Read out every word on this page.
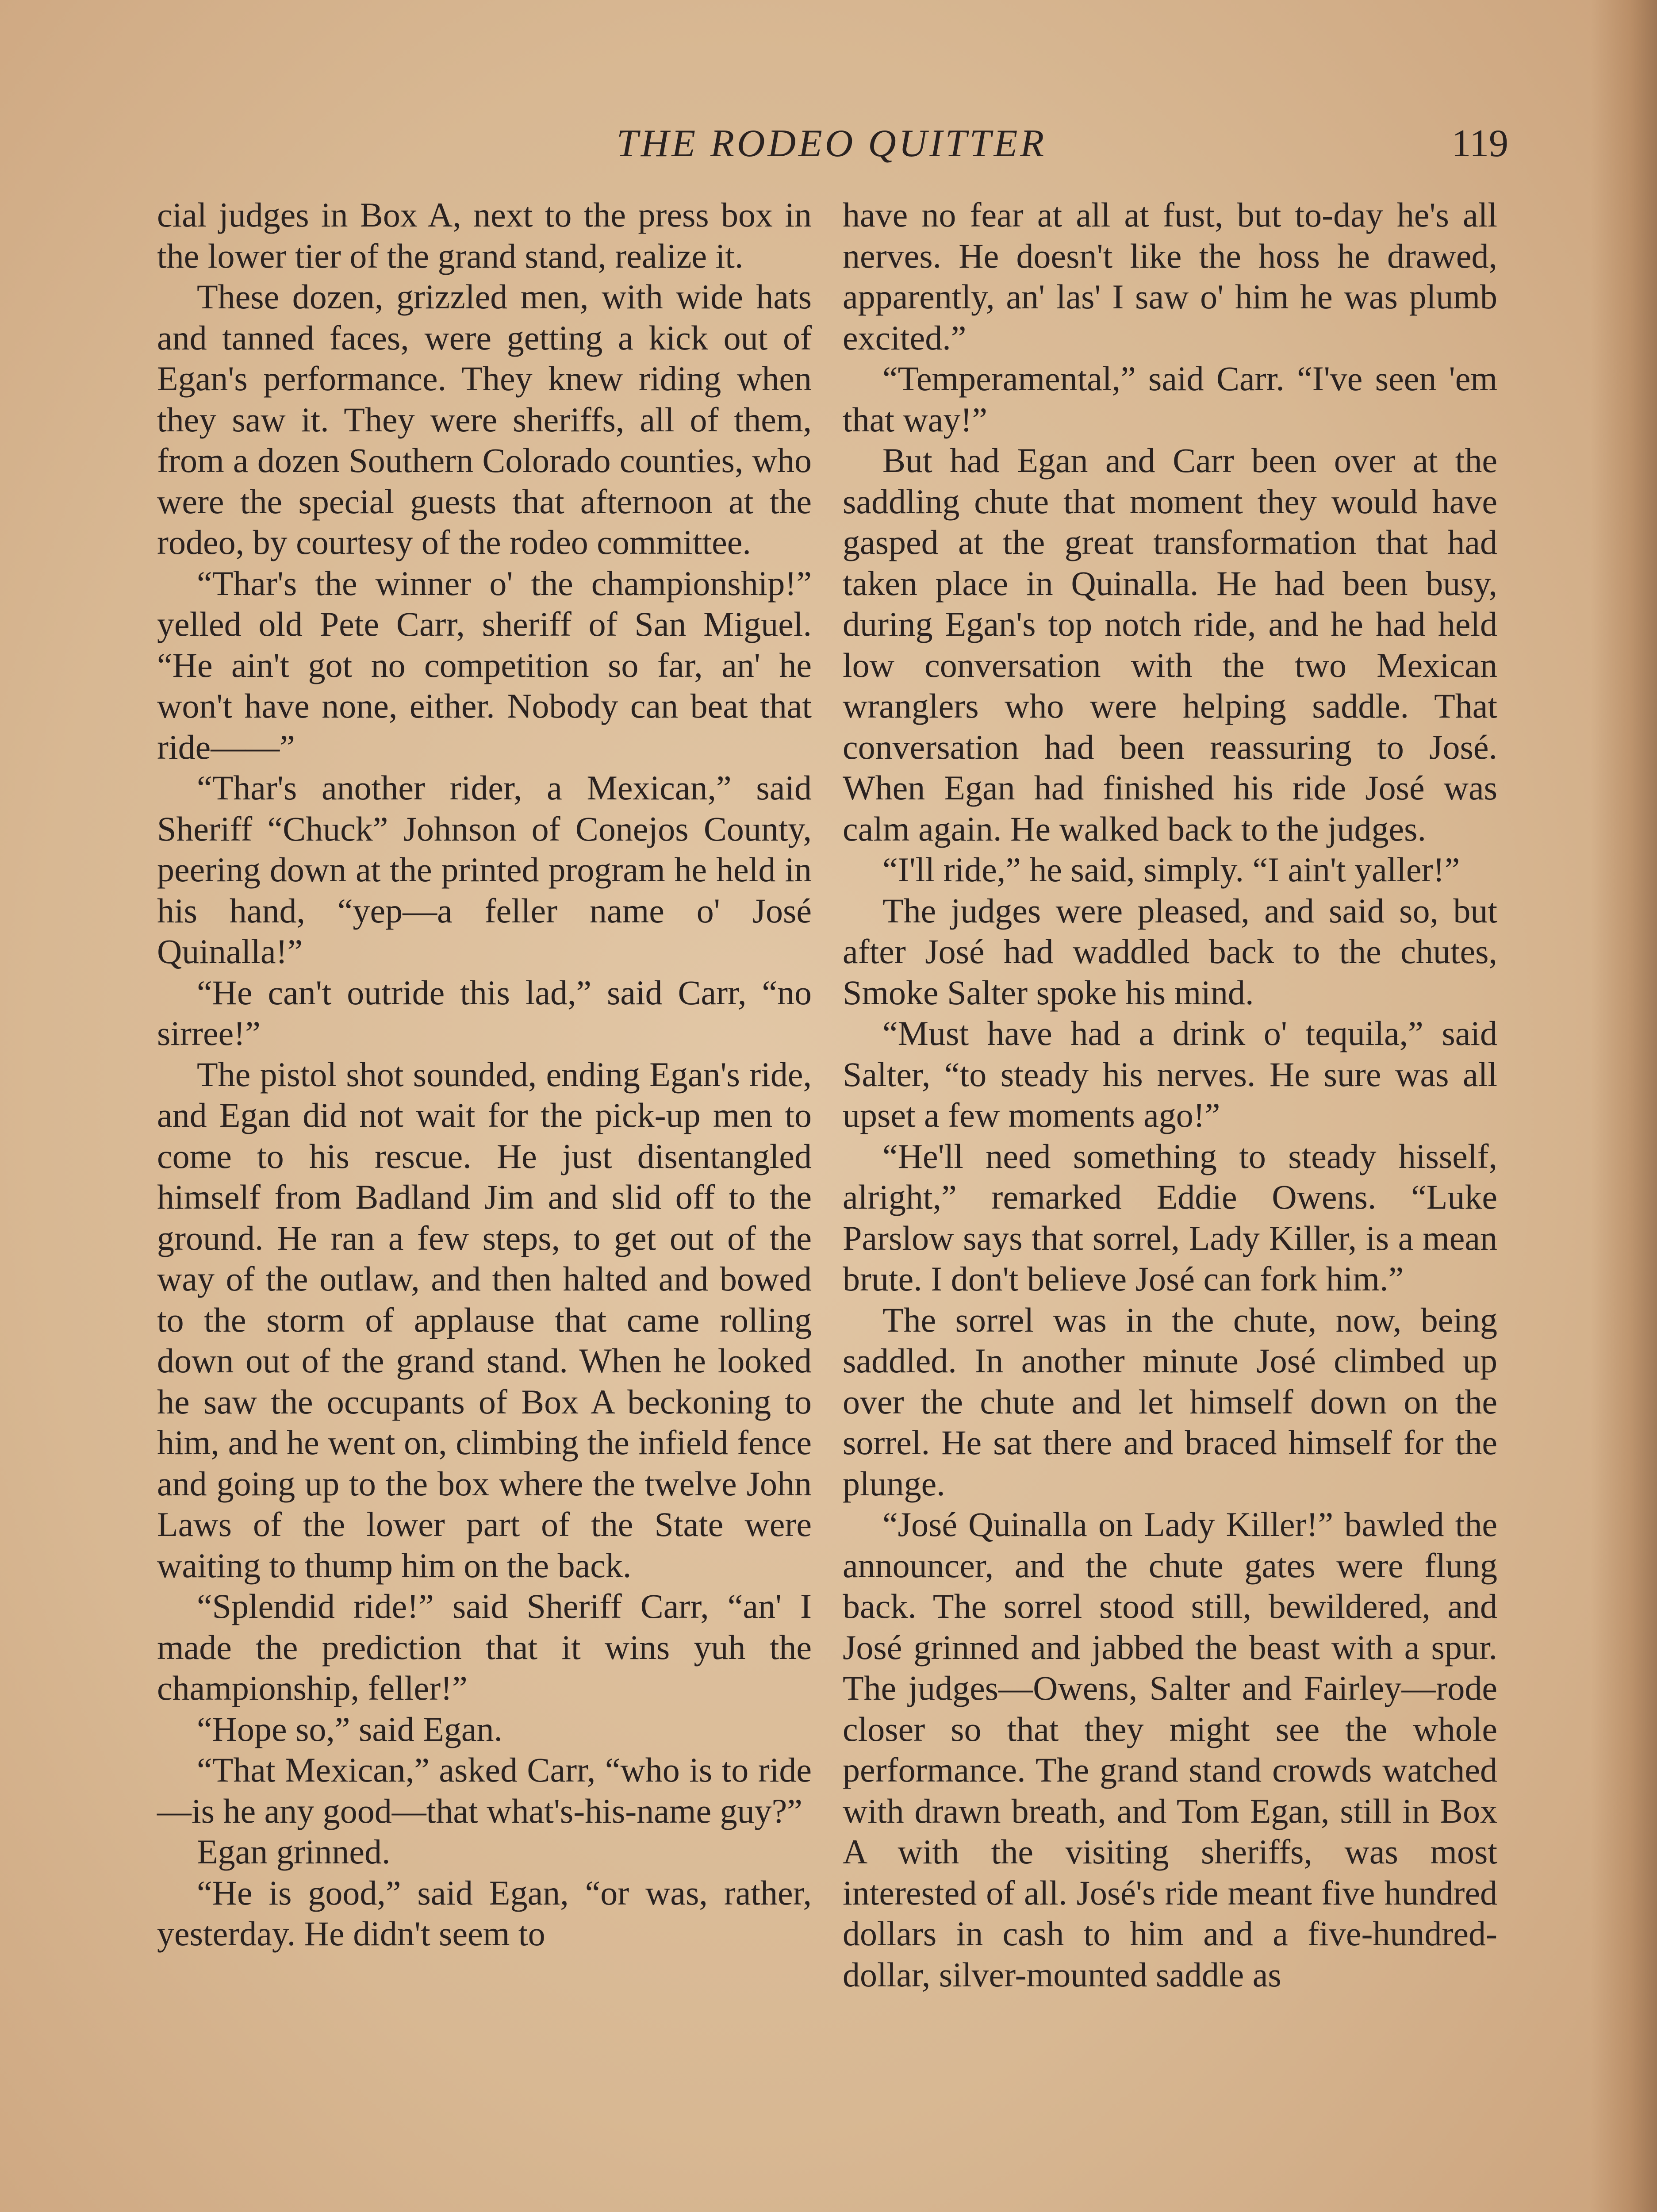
THE RODEO QUITTER	119

cial judges in Box A, next to the press box in the lower tier of the grand stand, realize it.

These dozen, grizzled men, with wide hats and tanned faces, were getting a kick out of Egan's performance. They knew riding when they saw it. They were sheriffs, all of them, from a dozen Southern Colorado counties, who were the special guests that afternoon at the rodeo, by courtesy of the rodeo committee.

“Thar's the winner o' the championship!” yelled old Pete Carr, sheriff of San Miguel. “He ain't got no competition so far, an' he won't have none, either. Nobody can beat that ride——”

“Thar's another rider, a Mexican,” said Sheriff “Chuck” Johnson of Conejos County, peering down at the printed program he held in his hand, “yep—a feller name o' José Quinalla!”

“He can't outride this lad,” said Carr, “no sirree!”

The pistol shot sounded, ending Egan's ride, and Egan did not wait for the pick-up men to come to his rescue. He just disentangled himself from Badland Jim and slid off to the ground. He ran a few steps, to get out of the way of the outlaw, and then halted and bowed to the storm of applause that came rolling down out of the grand stand. When he looked he saw the occupants of Box A beckoning to him, and he went on, climbing the infield fence and going up to the box where the twelve John Laws of the lower part of the State were waiting to thump him on the back.

“Splendid ride!” said Sheriff Carr, “an' I made the prediction that it wins yuh the championship, feller!”

“Hope so,” said Egan.

“That Mexican,” asked Carr, “who is to ride—is he any good—that what's-his-name guy?”

Egan grinned.

“He is good,” said Egan, “or was, rather, yesterday. He didn't seem to

have no fear at all at fust, but to-day he's all nerves. He doesn't like the hoss he drawed, apparently, an' las' I saw o' him he was plumb excited.”

“Temperamental,” said Carr. “I've seen 'em that way!”

But had Egan and Carr been over at the saddling chute that moment they would have gasped at the great transformation that had taken place in Quinalla. He had been busy, during Egan's top notch ride, and he had held low conversation with the two Mexican wranglers who were helping saddle. That conversation had been reassuring to José. When Egan had finished his ride José was calm again. He walked back to the judges.

“I'll ride,” he said, simply. “I ain't yaller!”

The judges were pleased, and said so, but after José had waddled back to the chutes, Smoke Salter spoke his mind.

“Must have had a drink o' tequila,” said Salter, “to steady his nerves. He sure was all upset a few moments ago!”

“He'll need something to steady hisself, alright,” remarked Eddie Owens. “Luke Parslow says that sorrel, Lady Killer, is a mean brute. I don't believe José can fork him.”

The sorrel was in the chute, now, being saddled. In another minute José climbed up over the chute and let himself down on the sorrel. He sat there and braced himself for the plunge.

“José Quinalla on Lady Killer!” bawled the announcer, and the chute gates were flung back. The sorrel stood still, bewildered, and José grinned and jabbed the beast with a spur. The judges—Owens, Salter and Fairley—rode closer so that they might see the whole performance. The grand stand crowds watched with drawn breath, and Tom Egan, still in Box A with the visiting sheriffs, was most interested of all. José's ride meant five hundred dollars in cash to him and a five-hundred-dollar, silver-mounted saddle as
